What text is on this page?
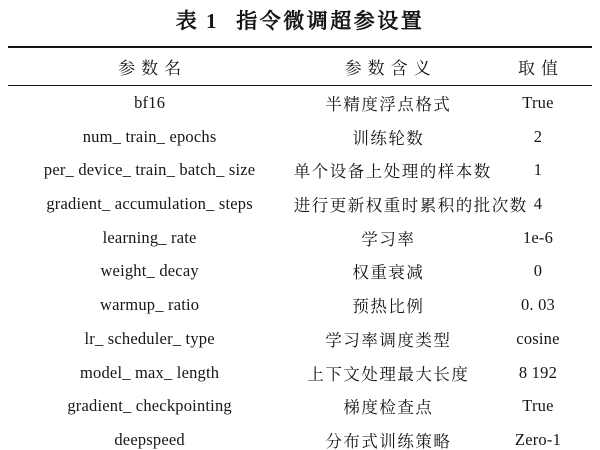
表 1 指令微调超参设置
参数名	参数含义	取值
bf16	半精度浮点格式	True
num_ train_ epochs	训练轮数	2
per_ device_ train_ batch_ size	单个设备上处理的样本数	1
gradient_ accumulation_ steps	进行更新权重时累积的批次数	4
learning_ rate	学习率	1e-6
weight_ decay	权重衰减	0
warmup_ ratio	预热比例	0. 03
lr_ scheduler_ type	学习率调度类型	cosine
model_ max_ length	上下文处理最大长度	8 192
gradient_ checkpointing	梯度检查点	True
deepspeed	分布式训练策略	Zero-1
